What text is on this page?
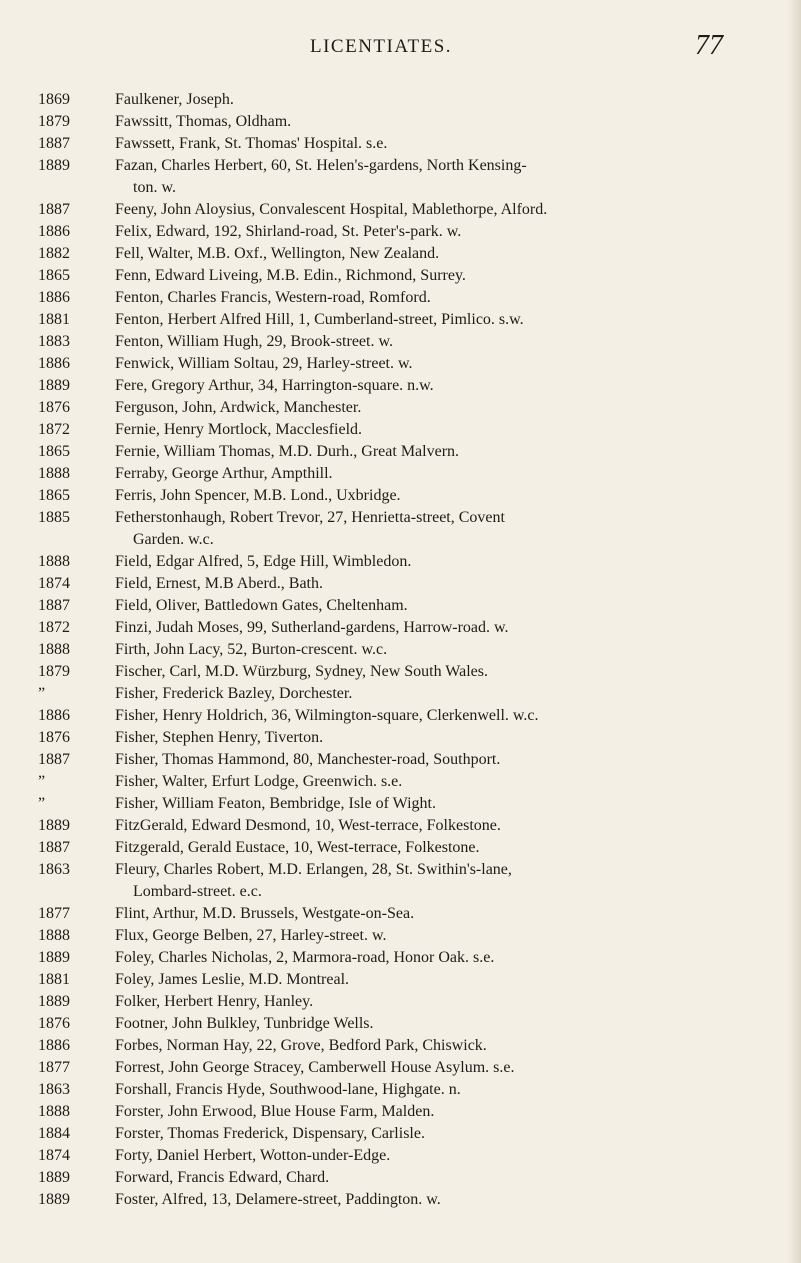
LICENTIATES.	77
1869	Faulkener, Joseph.
1879	Fawssitt, Thomas, Oldham.
1887	Fawssett, Frank, St. Thomas' Hospital. s.e.
1889	Fazan, Charles Herbert, 60, St. Helen's-gardens, North Kensing-
ton. w.
1887	Feeny, John Aloysius, Convalescent Hospital, Mablethorpe, Alford.
1886	Felix, Edward, 192, Shirland-road, St. Peter's-park. w.
1882	Fell, Walter, M.B. Oxf., Wellington, New Zealand.
1865	Fenn, Edward Liveing, M.B. Edin., Richmond, Surrey.
1886	Fenton, Charles Francis, Western-road, Romford.
1881	Fenton, Herbert Alfred Hill, 1, Cumberland-street, Pimlico. s.w.
1883	Fenton, William Hugh, 29, Brook-street. w.
1886	Fenwick, William Soltau, 29, Harley-street. w.
1889	Fere, Gregory Arthur, 34, Harrington-square. n.w.
1876	Ferguson, John, Ardwick, Manchester.
1872	Fernie, Henry Mortlock, Macclesfield.
1865	Fernie, William Thomas, M.D. Durh., Great Malvern.
1888	Ferraby, George Arthur, Ampthill.
1865	Ferris, John Spencer, M.B. Lond., Uxbridge.
1885	Fetherstonhaugh, Robert Trevor, 27, Henrietta-street, Covent
Garden. w.c.
1888	Field, Edgar Alfred, 5, Edge Hill, Wimbledon.
1874	Field, Ernest, M.B Aberd., Bath.
1887	Field, Oliver, Battledown Gates, Cheltenham.
1872	Finzi, Judah Moses, 99, Sutherland-gardens, Harrow-road. w.
1888	Firth, John Lacy, 52, Burton-crescent. w.c.
1879	Fischer, Carl, M.D. Würzburg, Sydney, New South Wales.
”	Fisher, Frederick Bazley, Dorchester.
1886	Fisher, Henry Holdrich, 36, Wilmington-square, Clerkenwell. w.c.
1876	Fisher, Stephen Henry, Tiverton.
1887	Fisher, Thomas Hammond, 80, Manchester-road, Southport.
”	Fisher, Walter, Erfurt Lodge, Greenwich. s.e.
”	Fisher, William Featon, Bembridge, Isle of Wight.
1889	FitzGerald, Edward Desmond, 10, West-terrace, Folkestone.
1887	Fitzgerald, Gerald Eustace, 10, West-terrace, Folkestone.
1863	Fleury, Charles Robert, M.D. Erlangen, 28, St. Swithin's-lane,
Lombard-street. e.c.
1877	Flint, Arthur, M.D. Brussels, Westgate-on-Sea.
1888	Flux, George Belben, 27, Harley-street. w.
1889	Foley, Charles Nicholas, 2, Marmora-road, Honor Oak. s.e.
1881	Foley, James Leslie, M.D. Montreal.
1889	Folker, Herbert Henry, Hanley.
1876	Footner, John Bulkley, Tunbridge Wells.
1886	Forbes, Norman Hay, 22, Grove, Bedford Park, Chiswick.
1877	Forrest, John George Stracey, Camberwell House Asylum. s.e.
1863	Forshall, Francis Hyde, Southwood-lane, Highgate. n.
1888	Forster, John Erwood, Blue House Farm, Malden.
1884	Forster, Thomas Frederick, Dispensary, Carlisle.
1874	Forty, Daniel Herbert, Wotton-under-Edge.
1889	Forward, Francis Edward, Chard.
1889	Foster, Alfred, 13, Delamere-street, Paddington. w.
